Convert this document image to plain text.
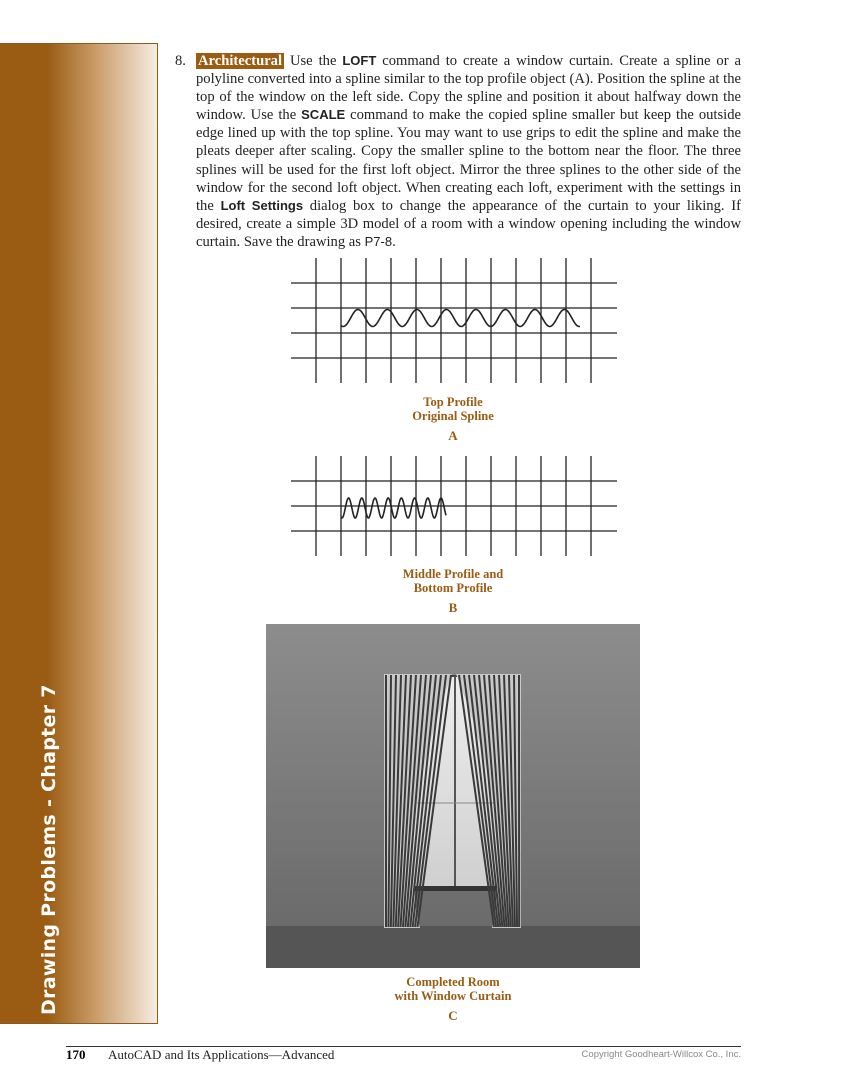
Drawing Problems - Chapter 7
8. Architectural Use the LOFT command to create a window curtain. Create a spline or a polyline converted into a spline similar to the top profile object (A). Position the spline at the top of the window on the left side. Copy the spline and position it about halfway down the window. Use the SCALE command to make the copied spline smaller but keep the outside edge lined up with the top spline. You may want to use grips to edit the spline and make the pleats deeper after scaling. Copy the smaller spline to the bottom near the floor. The three splines will be used for the first loft object. Mirror the three splines to the other side of the window for the second loft object. When creating each loft, experiment with the settings in the Loft Settings dialog box to change the appearance of the curtain to your liking. If desired, create a simple 3D model of a room with a window opening including the window curtain. Save the drawing as P7-8.
Top Profile
Original Spline
A
Middle Profile and
Bottom Profile
B
Completed Room
with Window Curtain
C
170 AutoCAD and Its Applications—Advanced	Copyright Goodheart-Willcox Co., Inc.
